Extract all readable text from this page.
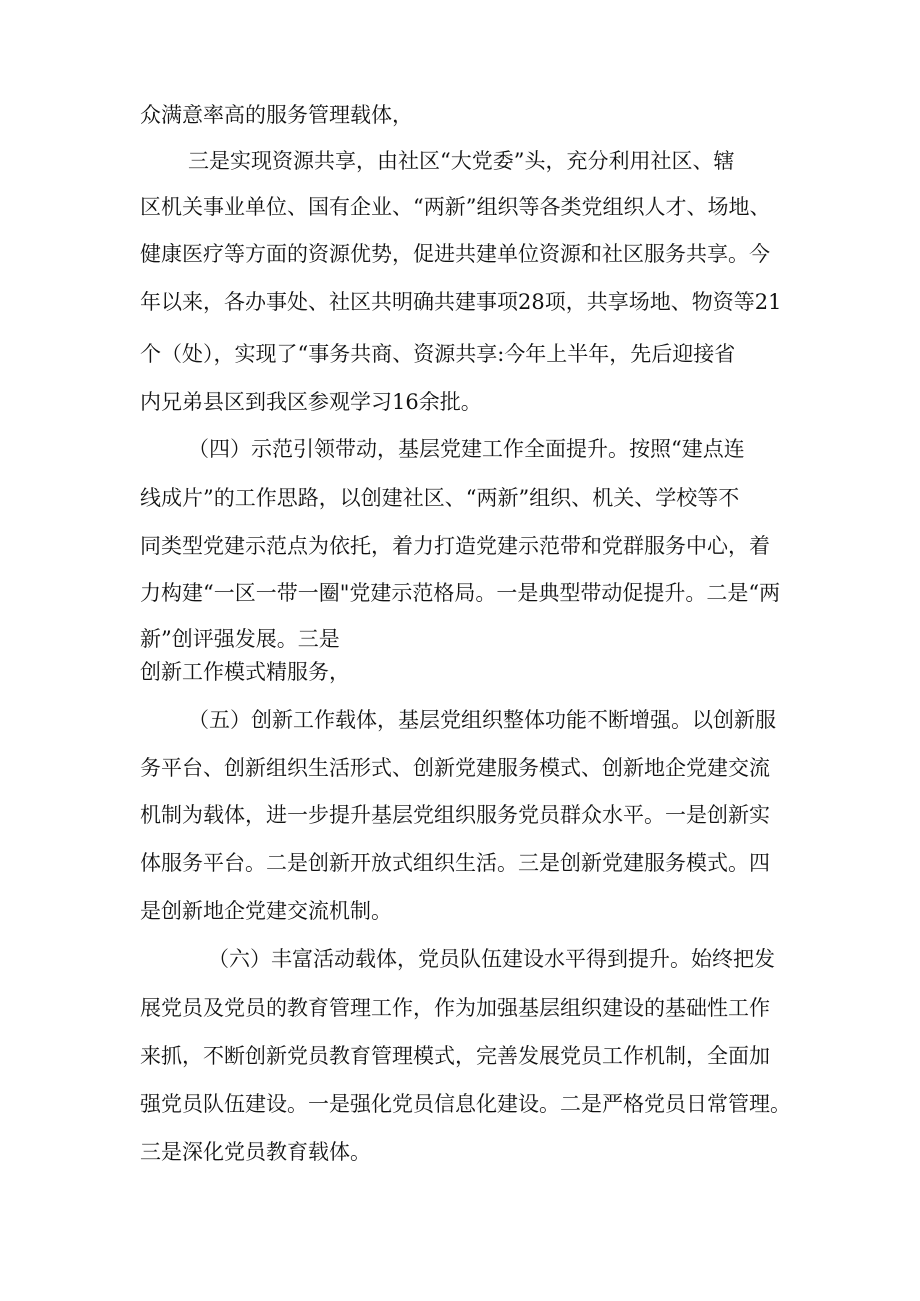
众满意率高的服务管理载体，
三是实现资源共享，由社区“大党委”头，充分利用社区、辖
区机关事业单位、国有企业、“两新”组织等各类党组织人才、场地、
健康医疗等方面的资源优势，促进共建单位资源和社区服务共享。今
年以来，各办事处、社区共明确共建事项28项，共享场地、物资等21
个（处），实现了“事务共商、资源共享:今年上半年，先后迎接省
内兄弟县区到我区参观学习16余批。
（四）示范引领带动，基层党建工作全面提升。按照“建点连
线成片”的工作思路，以创建社区、“两新”组织、机关、学校等不
同类型党建示范点为依托，着力打造党建示范带和党群服务中心，着
力构建“一区一带一圈"党建示范格局。一是典型带动促提升。二是“两
新”创评强发展。三是
创新工作模式精服务，
（五）创新工作载体，基层党组织整体功能不断增强。以创新服
务平台、创新组织生活形式、创新党建服务模式、创新地企党建交流
机制为载体，进一步提升基层党组织服务党员群众水平。一是创新实
体服务平台。二是创新开放式组织生活。三是创新党建服务模式。四
是创新地企党建交流机制。
（六）丰富活动载体，党员队伍建设水平得到提升。始终把发
展党员及党员的教育管理工作，作为加强基层组织建设的基础性工作
来抓，不断创新党员教育管理模式，完善发展党员工作机制，全面加
强党员队伍建设。一是强化党员信息化建设。二是严格党员日常管理。
三是深化党员教育载体。
